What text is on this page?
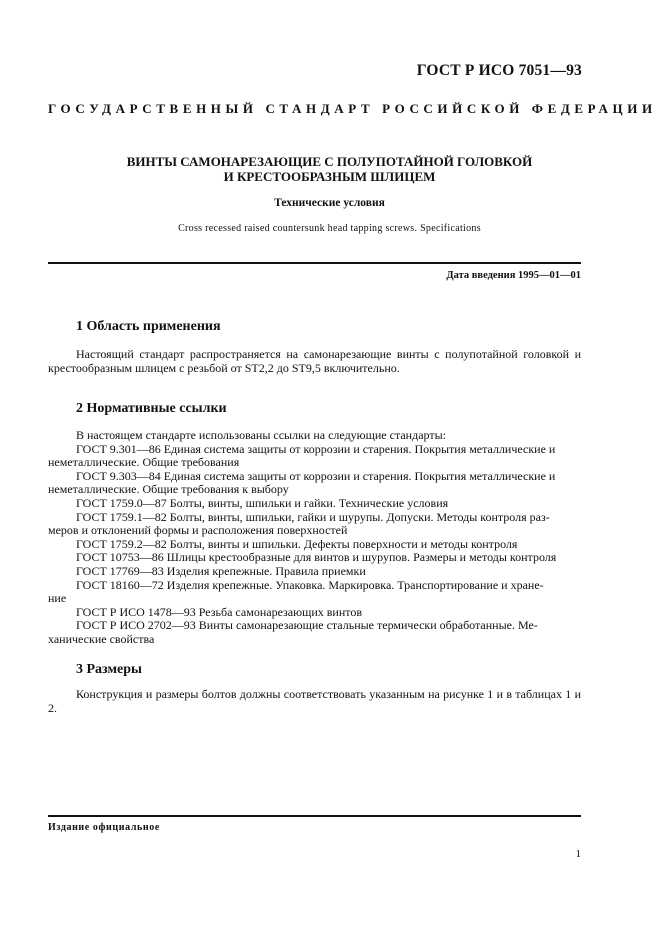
ГОСТ Р ИСО 7051—93
ГОСУДАРСТВЕННЫЙ СТАНДАРТ РОССИЙСКОЙ ФЕДЕРАЦИИ
ВИНТЫ САМОНАРЕЗАЮЩИЕ С ПОЛУПОТАЙНОЙ ГОЛОВКОЙ
И КРЕСТООБРАЗНЫМ ШЛИЦЕМ
Технические условия
Cross recessed raised countersunk head tapping screws. Specifications
Дата введения 1995—01—01
1 Область применения
Настоящий стандарт распространяется на самонарезающие винты с полупотайной головкой и крестообразным шлицем с резьбой от ST2,2 до ST9,5 включительно.
2 Нормативные ссылки
В настоящем стандарте использованы ссылки на следующие стандарты:
ГОСТ 9.301—86 Единая система защиты от коррозии и старения. Покрытия металлические и
неметаллические. Общие требования
ГОСТ 9.303—84 Единая система защиты от коррозии и старения. Покрытия металлические и
неметаллические. Общие требования к выбору
ГОСТ 1759.0—87 Болты, винты, шпильки и гайки. Технические условия
ГОСТ 1759.1—82 Болты, винты, шпильки, гайки и шурупы. Допуски. Методы контроля раз-
меров и отклонений формы и расположения поверхностей
ГОСТ 1759.2—82 Болты, винты и шпильки. Дефекты поверхности и методы контроля
ГОСТ 10753—86 Шлицы крестообразные для винтов и шурупов. Размеры и методы контроля
ГОСТ 17769—83 Изделия крепежные. Правила приемки
ГОСТ 18160—72 Изделия крепежные. Упаковка. Маркировка. Транспортирование и хране-
ние
ГОСТ Р ИСО 1478—93 Резьба самонарезающих винтов
ГОСТ Р ИСО 2702—93 Винты самонарезающие стальные термически обработанные. Ме-
ханические свойства
3 Размеры
Конструкция и размеры болтов должны соответствовать указанным на рисунке 1 и в таблицах 1 и 2.
Издание официальное
1
